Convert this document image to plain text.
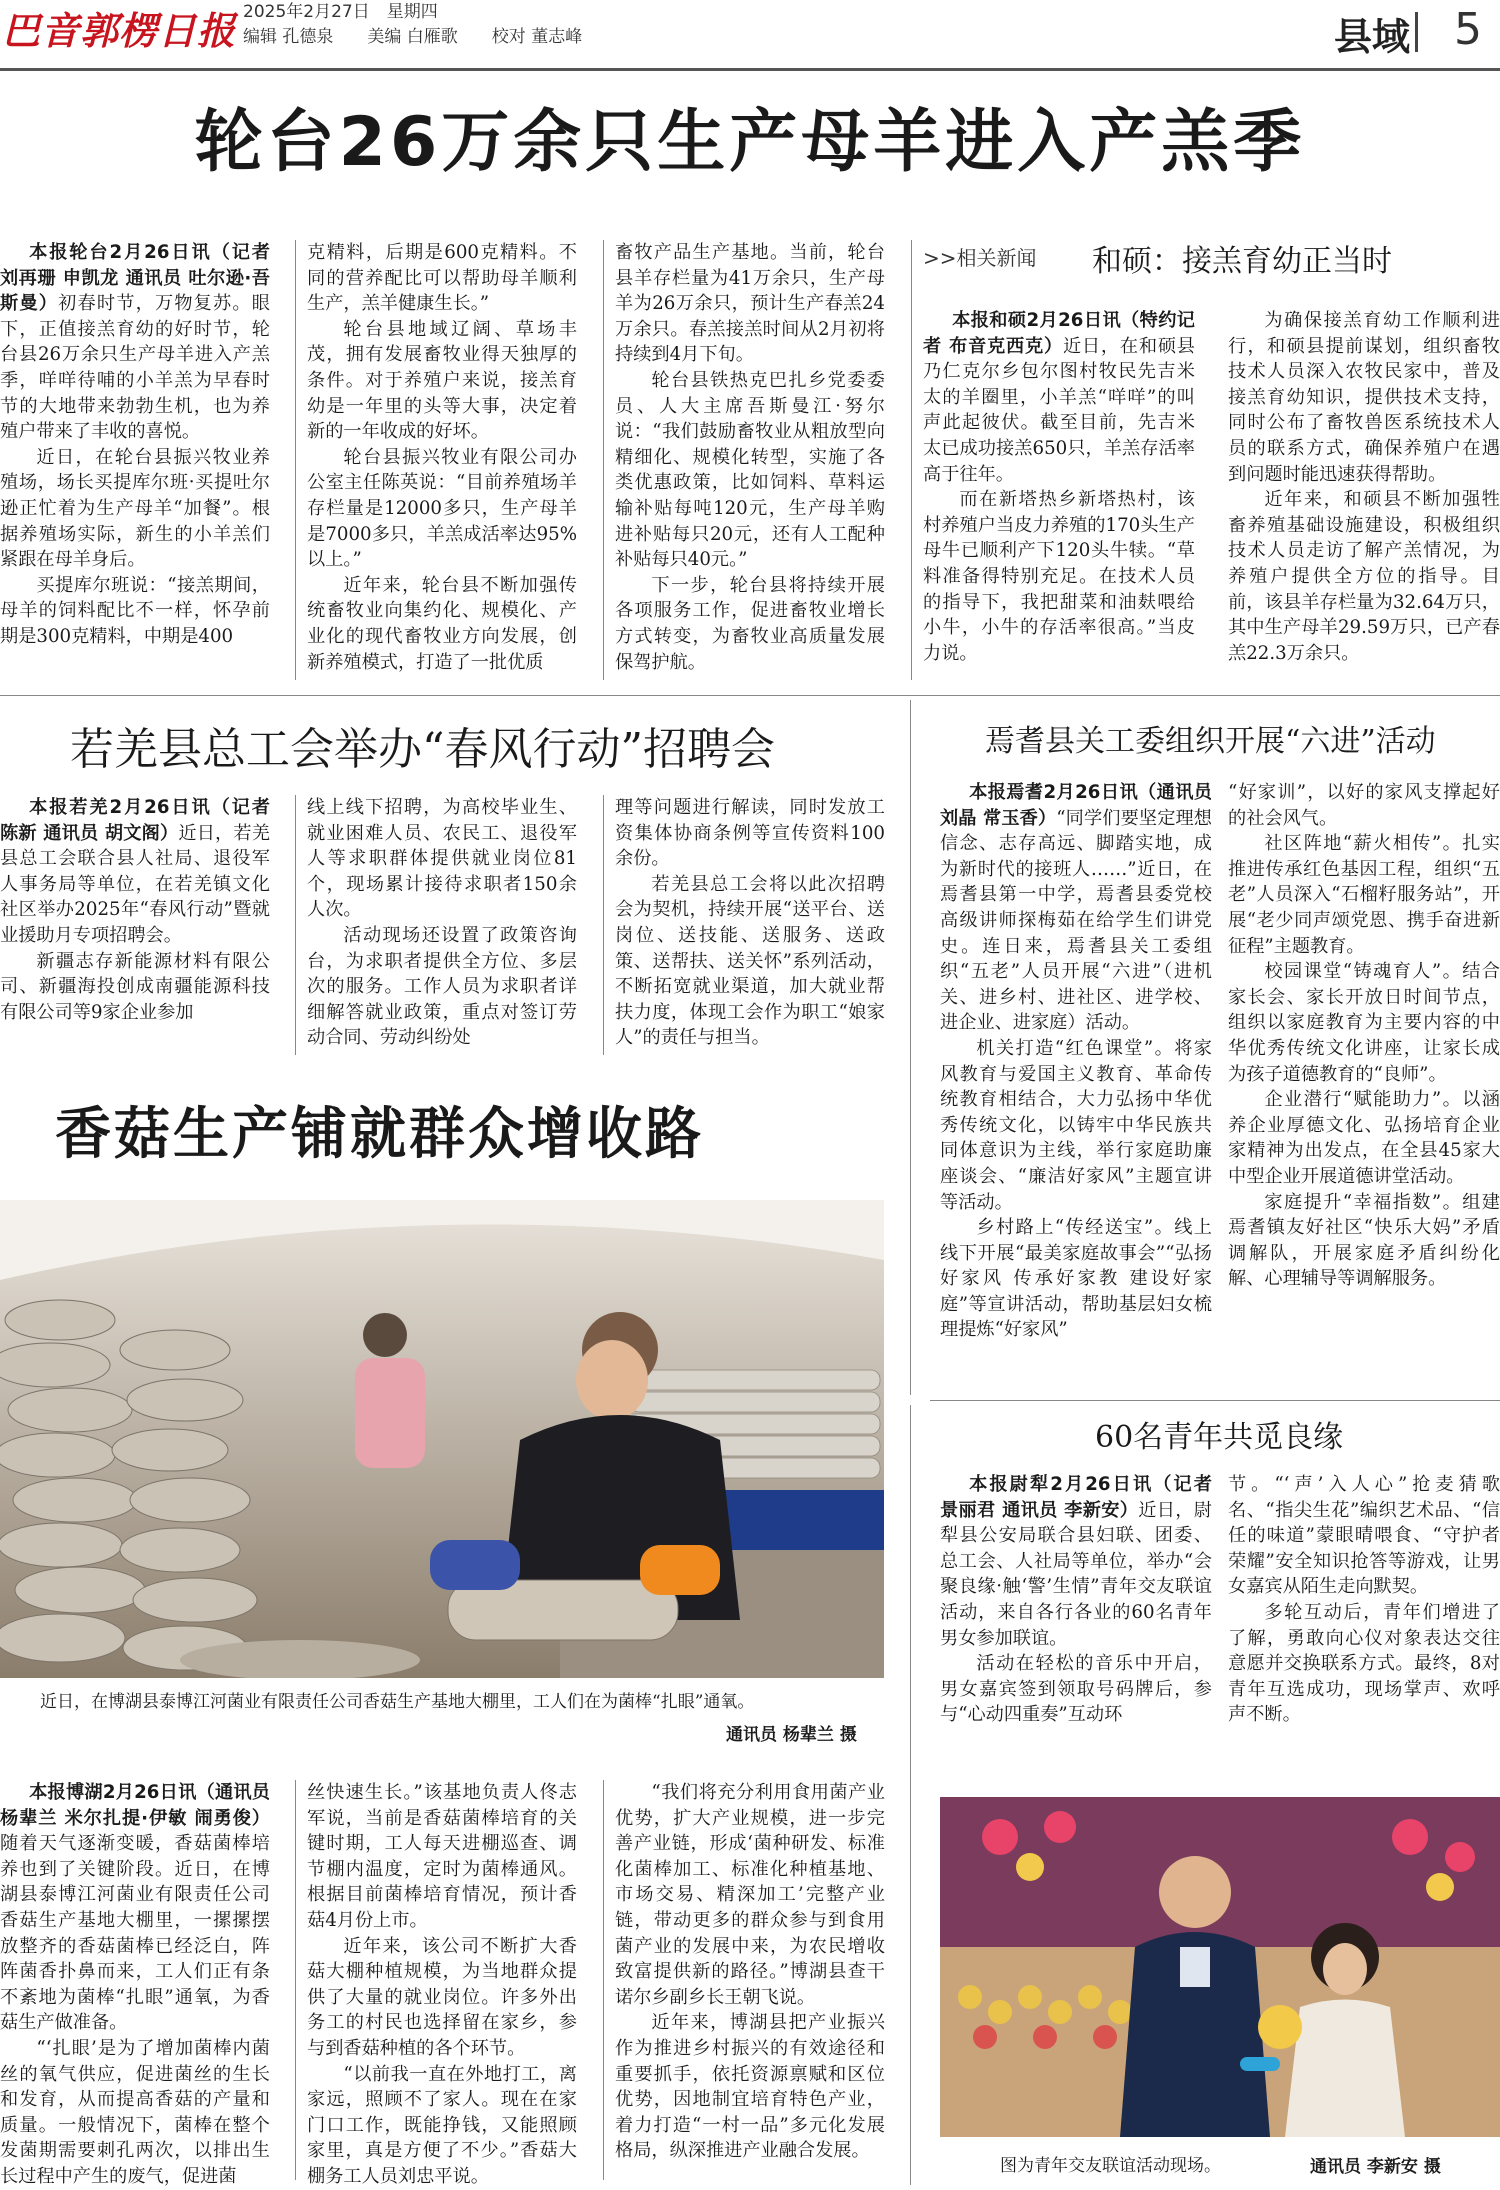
巴音郭楞日报 2025年2月27日　星期四
编辑 孔德泉　　美编 白雁歌　　校对 董志峰	县域 5
轮台26万余只生产母羊进入产羔季

本报轮台2月26日讯（记者 刘再珊 申凯龙 通讯员 吐尔逊·吾斯曼）初春时节，万物复苏。眼下，正值接羔育幼的好时节，轮台县26万余只生产母羊进入产羔季，咩咩待哺的小羊羔为早春时节的大地带来勃勃生机，也为养殖户带来了丰收的喜悦。

近日，在轮台县振兴牧业养殖场，场长买提库尔班·买提吐尔逊正忙着为生产母羊“加餐”。根据养殖场实际，新生的小羊羔们紧跟在母羊身后。

买提库尔班说：“接羔期间，母羊的饲料配比不一样，怀孕前期是300克精料，中期是400

克精料，后期是600克精料。不同的营养配比可以帮助母羊顺利生产，羔羊健康生长。”

轮台县地域辽阔、草场丰茂，拥有发展畜牧业得天独厚的条件。对于养殖户来说，接羔育幼是一年里的头等大事，决定着新的一年收成的好坏。

轮台县振兴牧业有限公司办公室主任陈英说：“目前养殖场羊存栏量是12000多只，生产母羊是7000多只，羊羔成活率达95%以上。”

近年来，轮台县不断加强传统畜牧业向集约化、规模化、产业化的现代畜牧业方向发展，创新养殖模式，打造了一批优质

畜牧产品生产基地。当前，轮台县羊存栏量为41万余只，生产母羊为26万余只，预计生产春羔24万余只。春羔接羔时间从2月初将持续到4月下旬。

轮台县铁热克巴扎乡党委委员、人大主席吾斯曼江·努尔说：“我们鼓励畜牧业从粗放型向精细化、规模化转型，实施了各类优惠政策，比如饲料、草料运输补贴每吨120元，生产母羊购进补贴每只20元，还有人工配种补贴每只40元。”

下一步，轮台县将持续开展各项服务工作，促进畜牧业增长方式转变，为畜牧业高质量发展保驾护航。

>>相关新闻 和硕：接羔育幼正当时

本报和硕2月26日讯（特约记者 布音克西克）近日，在和硕县乃仁克尔乡包尔图村牧民先吉米太的羊圈里，小羊羔“咩咩”的叫声此起彼伏。截至目前，先吉米太已成功接羔650只，羊羔存活率高于往年。

而在新塔热乡新塔热村，该村养殖户当皮力养殖的170头生产母牛已顺利产下120头牛犊。“草料准备得特别充足。在技术人员的指导下，我把甜菜和油麸喂给小牛，小牛的存活率很高。”当皮力说。

为确保接羔育幼工作顺利进行，和硕县提前谋划，组织畜牧技术人员深入农牧民家中，普及接羔育幼知识，提供技术支持，同时公布了畜牧兽医系统技术人员的联系方式，确保养殖户在遇到问题时能迅速获得帮助。

近年来，和硕县不断加强牲畜养殖基础设施建设，积极组织技术人员走访了解产羔情况，为养殖户提供全方位的指导。目前，该县羊存栏量为32.64万只，其中生产母羊29.59万只，已产春羔22.3万余只。

若羌县总工会举办“春风行动”招聘会

本报若羌2月26日讯（记者 陈新 通讯员 胡文阁）近日，若羌县总工会联合县人社局、退役军人事务局等单位，在若羌镇文化社区举办2025年“春风行动”暨就业援助月专项招聘会。

新疆志存新能源材料有限公司、新疆海投创成南疆能源科技有限公司等9家企业参加

线上线下招聘，为高校毕业生、就业困难人员、农民工、退役军人等求职群体提供就业岗位81个，现场累计接待求职者150余人次。

活动现场还设置了政策咨询台，为求职者提供全方位、多层次的服务。工作人员为求职者详细解答就业政策，重点对签订劳动合同、劳动纠纷处

理等问题进行解读，同时发放工资集体协商条例等宣传资料100余份。

若羌县总工会将以此次招聘会为契机，持续开展“送平台、送岗位、送技能、送服务、送政策、送帮扶、送关怀”系列活动，不断拓宽就业渠道，加大就业帮扶力度，体现工会作为职工“娘家人”的责任与担当。

焉耆县关工委组织开展“六进”活动

本报焉耆2月26日讯（通讯员 刘晶 常玉香）“同学们要坚定理想信念、志存高远、脚踏实地，成为新时代的接班人……”近日，在焉耆县第一中学，焉耆县委党校高级讲师探梅茹在给学生们讲党史。连日来，焉耆县关工委组织“五老”人员开展“六进”（进机关、进乡村、进社区、进学校、进企业、进家庭）活动。

机关打造“红色课堂”。将家风教育与爱国主义教育、革命传统教育相结合，大力弘扬中华优秀传统文化，以铸牢中华民族共同体意识为主线，举行家庭助廉座谈会、“廉洁好家风”主题宣讲等活动。

乡村路上“传经送宝”。线上线下开展“最美家庭故事会”“弘扬好家风 传承好家教 建设好家庭”等宣讲活动，帮助基层妇女梳理提炼“好家风”

“好家训”，以好的家风支撑起好的社会风气。

社区阵地“薪火相传”。扎实推进传承红色基因工程，组织“五老”人员深入“石榴籽服务站”，开展“老少同声颂党恩、携手奋进新征程”主题教育。

校园课堂“铸魂育人”。结合家长会、家长开放日时间节点，组织以家庭教育为主要内容的中华优秀传统文化讲座，让家长成为孩子道德教育的“良师”。

企业潜行“赋能助力”。以涵养企业厚德文化、弘扬培育企业家精神为出发点，在全县45家大中型企业开展道德讲堂活动。

家庭提升“幸福指数”。组建焉耆镇友好社区“快乐大妈”矛盾调解队，开展家庭矛盾纠纷化解、心理辅导等调解服务。

香菇生产铺就群众增收路
近日，在博湖县泰博江河菌业有限责任公司香菇生产基地大棚里，工人们在为菌棒“扎眼”通氧。
通讯员 杨辈兰 摄

本报博湖2月26日讯（通讯员 杨辈兰 米尔扎提·伊敏 闹勇俊）随着天气逐渐变暖，香菇菌棒培养也到了关键阶段。近日，在博湖县泰博江河菌业有限责任公司香菇生产基地大棚里，一摞摞摆放整齐的香菇菌棒已经泛白，阵阵菌香扑鼻而来，工人们正有条不紊地为菌棒“扎眼”通氧，为香菇生产做准备。

“‘扎眼’是为了增加菌棒内菌丝的氧气供应，促进菌丝的生长和发育，从而提高香菇的产量和质量。一般情况下，菌棒在整个发菌期需要刺孔两次，以排出生长过程中产生的废气，促进菌

丝快速生长。”该基地负责人佟志军说，当前是香菇菌棒培育的关键时期，工人每天进棚巡查、调节棚内温度，定时为菌棒通风。根据目前菌棒培育情况，预计香菇4月份上市。

近年来，该公司不断扩大香菇大棚种植规模，为当地群众提供了大量的就业岗位。许多外出务工的村民也选择留在家乡，参与到香菇种植的各个环节。

“以前我一直在外地打工，离家远，照顾不了家人。现在在家门口工作，既能挣钱，又能照顾家里，真是方便了不少。”香菇大棚务工人员刘忠平说。

“我们将充分利用食用菌产业优势，扩大产业规模，进一步完善产业链，形成‘菌种研发、标准化菌棒加工、标准化种植基地、市场交易、精深加工’完整产业链，带动更多的群众参与到食用菌产业的发展中来，为农民增收致富提供新的路径。”博湖县查干诺尔乡副乡长王朝飞说。

近年来，博湖县把产业振兴作为推进乡村振兴的有效途径和重要抓手，依托资源禀赋和区位优势，因地制宜培育特色产业，着力打造“一村一品”多元化发展格局，纵深推进产业融合发展。

60名青年共觅良缘

本报尉犁2月26日讯（记者 景丽君 通讯员 李新安）近日，尉犁县公安局联合县妇联、团委、总工会、人社局等单位，举办“会聚良缘·触‘警’生情”青年交友联谊活动，来自各行各业的60名青年男女参加联谊。

活动在轻松的音乐中开启，男女嘉宾签到领取号码牌后，参与“心动四重奏”互动环

节。“‘声’入人心”抢麦猜歌名、“指尖生花”编织艺术品、“信任的味道”蒙眼晴喂食、“守护者荣耀”安全知识抢答等游戏，让男女嘉宾从陌生走向默契。

多轮互动后，青年们增进了了解，勇敢向心仪对象表达交往意愿并交换联系方式。最终，8对青年互选成功，现场掌声、欢呼声不断。

图为青年交友联谊活动现场。	通讯员 李新安 摄
